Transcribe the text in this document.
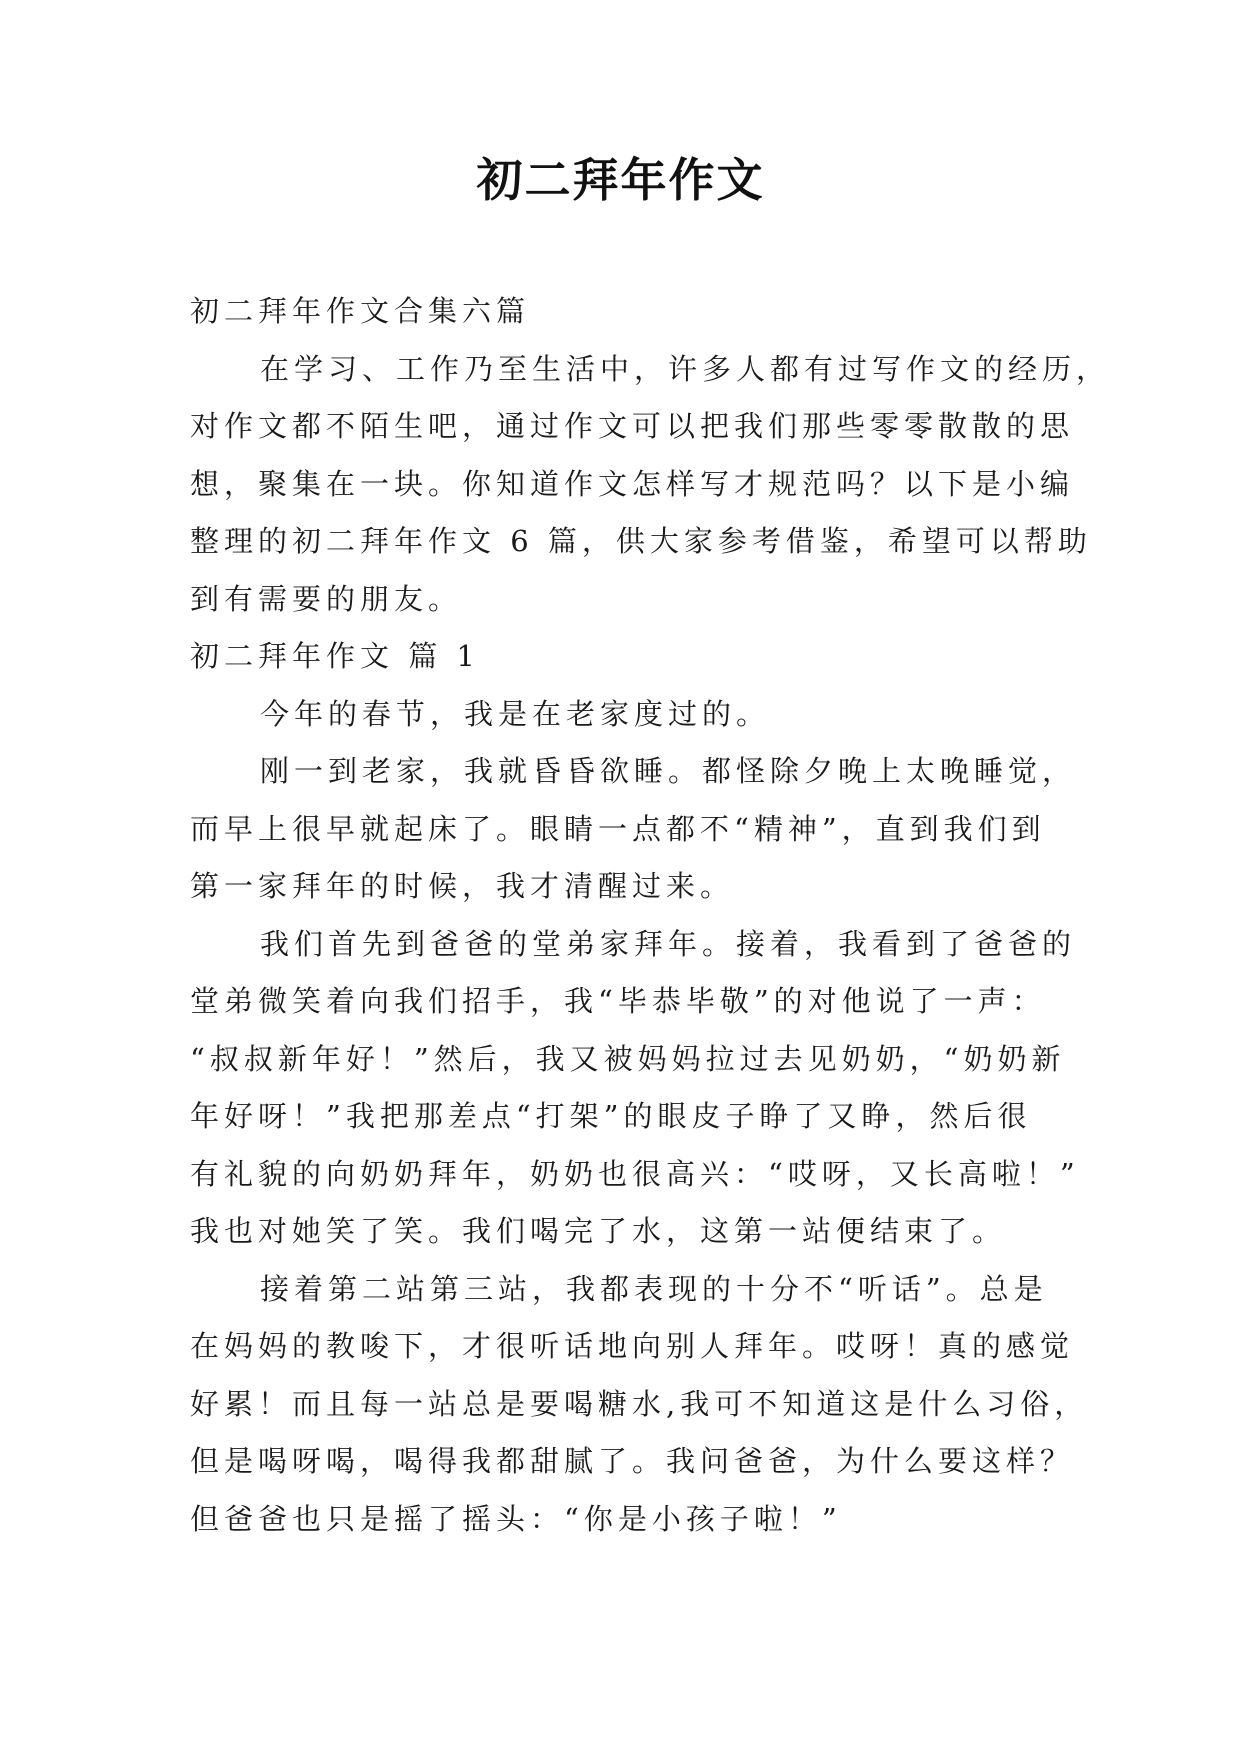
初二拜年作文
初二拜年作文合集六篇
在学习、工作乃至生活中，许多人都有过写作文的经历，
对作文都不陌生吧，通过作文可以把我们那些零零散散的思
想，聚集在一块。你知道作文怎样写才规范吗？以下是小编
整理的初二拜年作文 6 篇，供大家参考借鉴，希望可以帮助
到有需要的朋友。
初二拜年作文 篇 1
今年的春节，我是在老家度过的。
刚一到老家，我就昏昏欲睡。都怪除夕晚上太晚睡觉，
而早上很早就起床了。眼睛一点都不“精神”，直到我们到
第一家拜年的时候，我才清醒过来。
我们首先到爸爸的堂弟家拜年。接着，我看到了爸爸的
堂弟微笑着向我们招手，我“毕恭毕敬”的对他说了一声：
“叔叔新年好！”然后，我又被妈妈拉过去见奶奶，“奶奶新
年好呀！”我把那差点“打架”的眼皮子睁了又睁，然后很
有礼貌的向奶奶拜年，奶奶也很高兴：“哎呀，又长高啦！”
我也对她笑了笑。我们喝完了水，这第一站便结束了。
接着第二站第三站，我都表现的十分不“听话”。总是
在妈妈的教唆下，才很听话地向别人拜年。哎呀！真的感觉
好累！而且每一站总是要喝糖水,我可不知道这是什么习俗，
但是喝呀喝，喝得我都甜腻了。我问爸爸，为什么要这样？
但爸爸也只是摇了摇头：“你是小孩子啦！”
